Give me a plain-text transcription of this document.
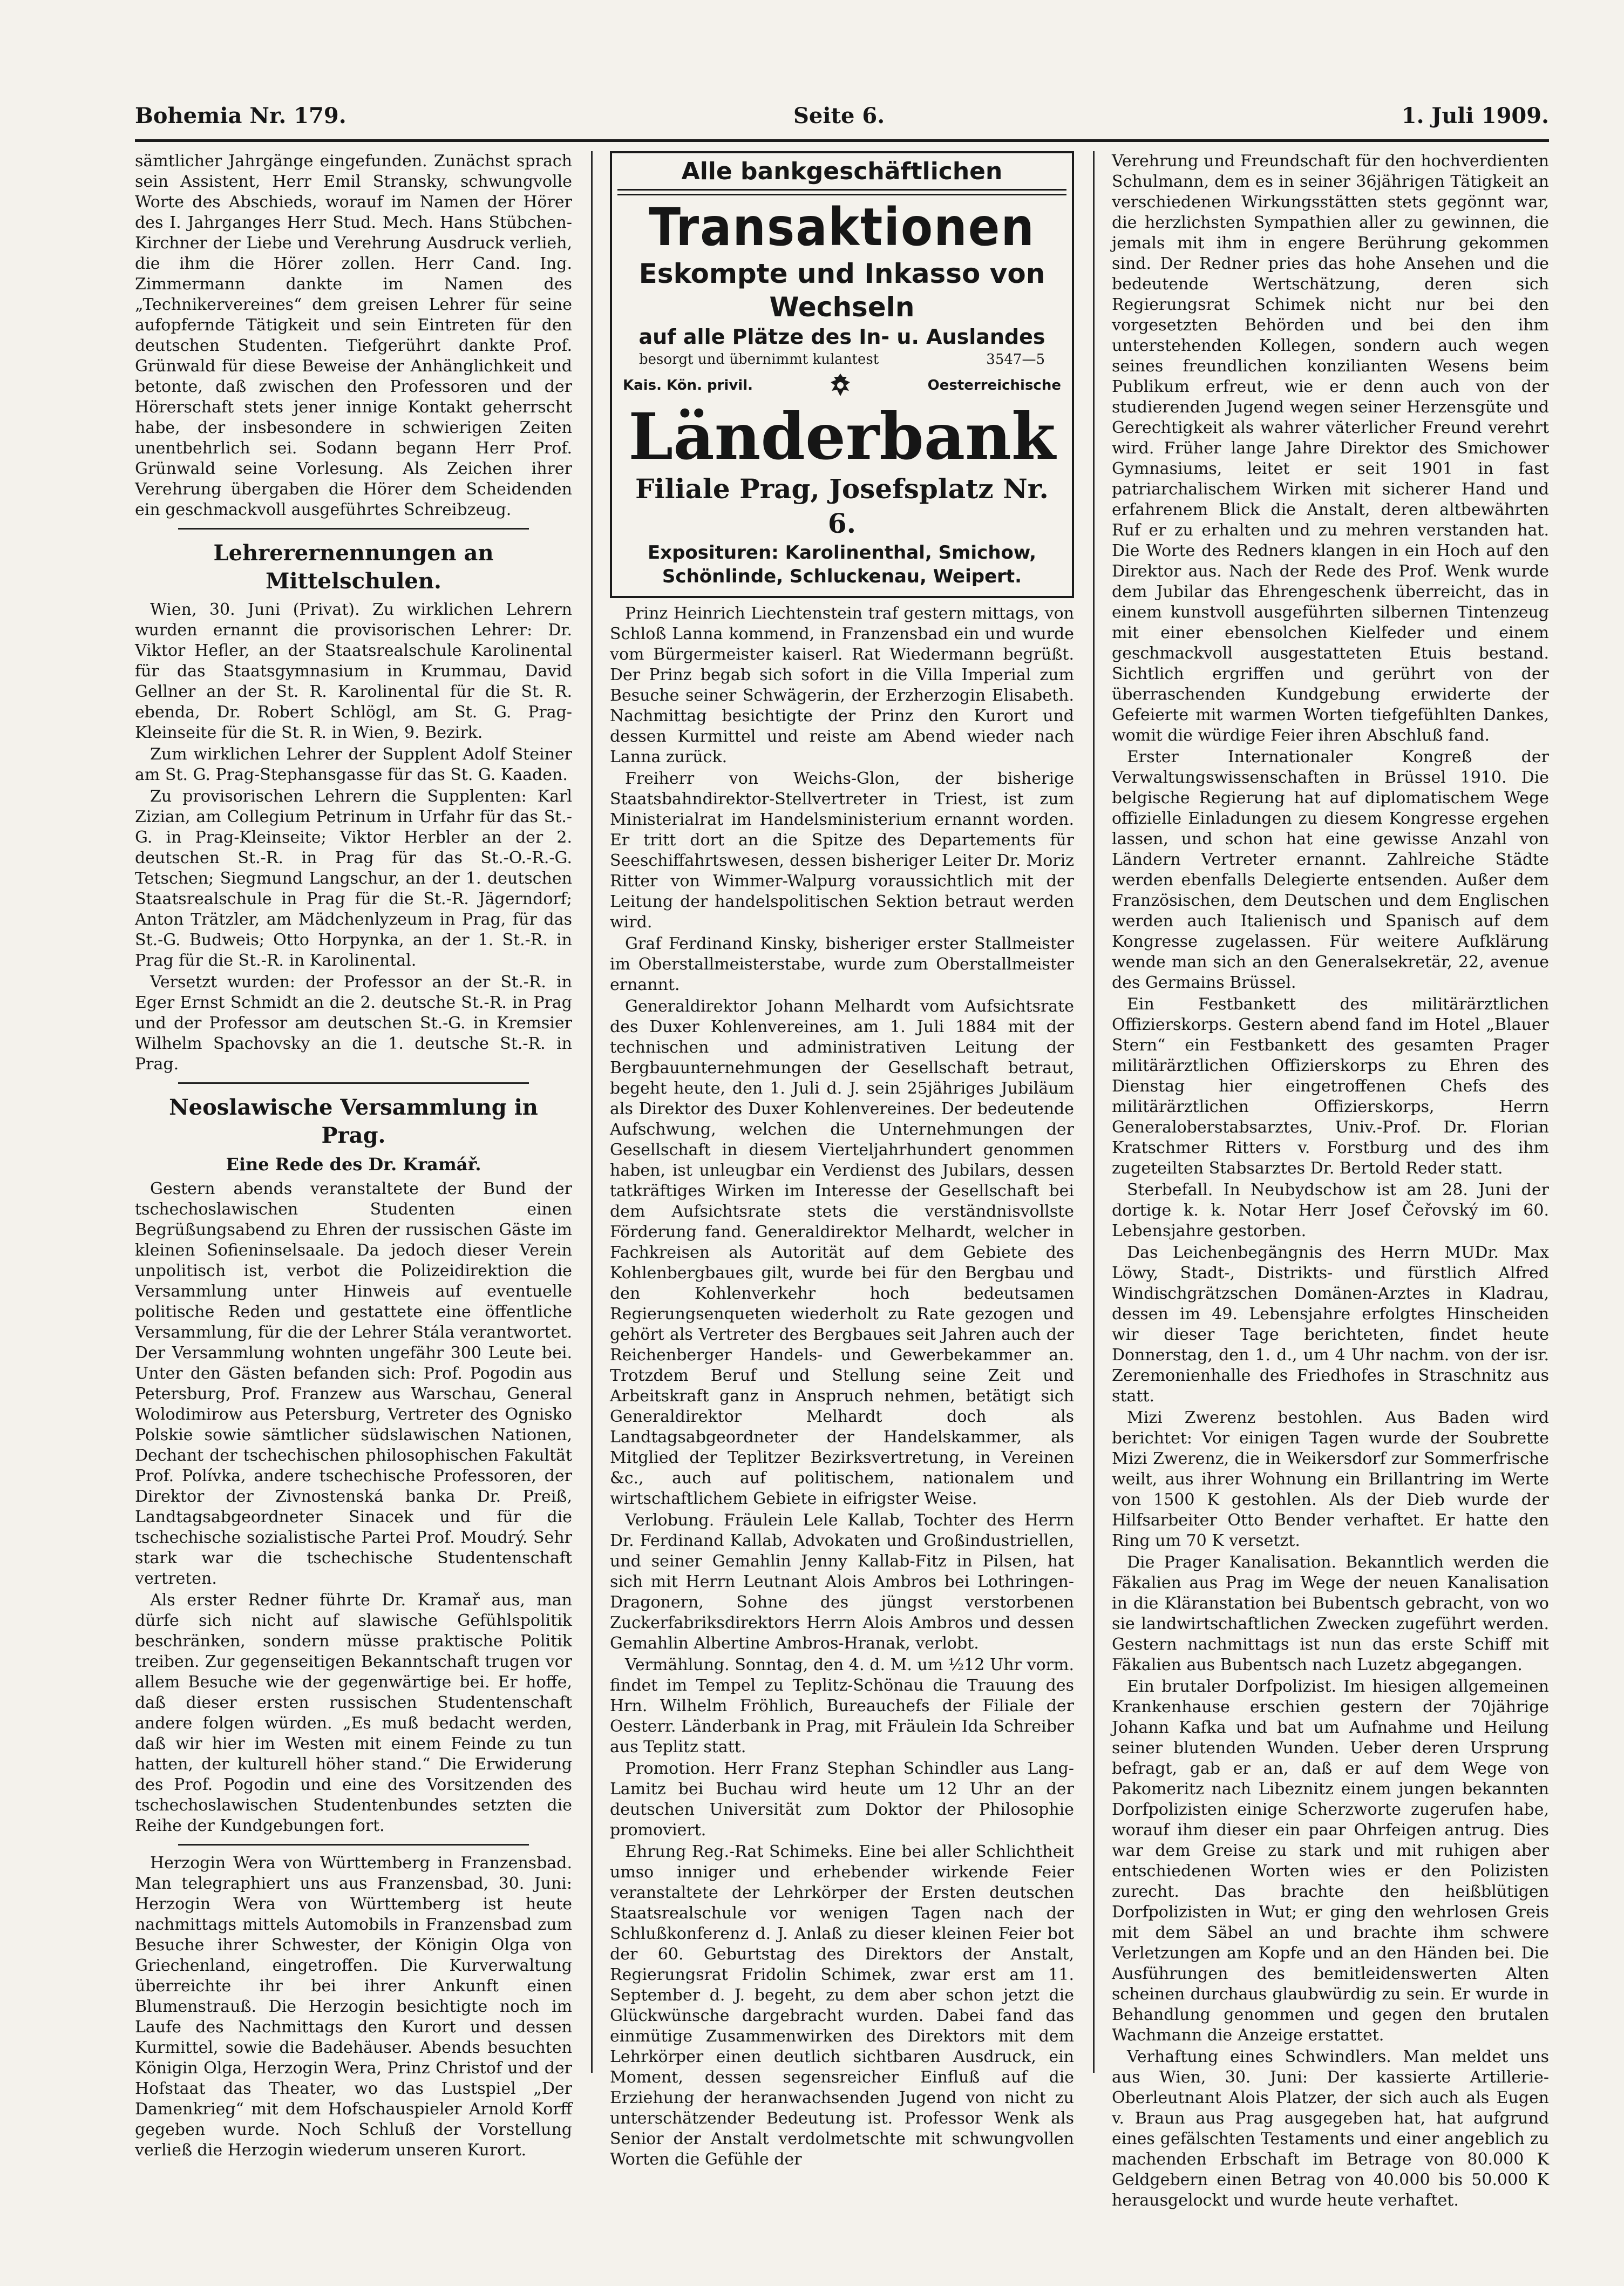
Bohemia Nr. 179.	Seite 6.	1. Juli 1909.

sämtlicher Jahrgänge eingefunden. Zunächst sprach sein Assistent, Herr Emil Stransky, schwungvolle Worte des Abschieds, worauf im Namen der Hörer des I. Jahrganges Herr Stud. Mech. Hans Stübchen-Kirchner der Liebe und Verehrung Ausdruck verlieh, die ihm die Hörer zollen. Herr Cand. Ing. Zimmermann dankte im Namen des „Technikervereines“ dem greisen Lehrer für seine aufopfernde Tätigkeit und sein Eintreten für den deutschen Studenten. Tiefgerührt dankte Prof. Grünwald für diese Beweise der Anhänglichkeit und betonte, daß zwischen den Professoren und der Hörerschaft stets jener innige Kontakt geherrscht habe, der insbesondere in schwierigen Zeiten unentbehrlich sei. Sodann begann Herr Prof. Grünwald seine Vorlesung. Als Zeichen ihrer Verehrung übergaben die Hörer dem Scheidenden ein geschmackvoll ausgeführtes Schreibzeug.

Lehrerernennungen an Mittelschulen.

Wien, 30. Juni (Privat). Zu wirklichen Lehrern wurden ernannt die provisorischen Lehrer: Dr. Viktor Hefler, an der Staatsrealschule Karolinental für das Staatsgymnasium in Krummau, David Gellner an der St. R. Karolinental für die St. R. ebenda, Dr. Robert Schlögl, am St. G. Prag-Kleinseite für die St. R. in Wien, 9. Bezirk.

Zum wirklichen Lehrer der Supplent Adolf Steiner am St. G. Prag-Stephansgasse für das St. G. Kaaden.

Zu provisorischen Lehrern die Supplenten: Karl Zizian, am Collegium Petrinum in Urfahr für das St.-G. in Prag-Kleinseite; Viktor Herbler an der 2. deutschen St.-R. in Prag für das St.-O.-R.-G. Tetschen; Siegmund Langschur, an der 1. deutschen Staatsrealschule in Prag für die St.-R. Jägerndorf; Anton Trätzler, am Mädchenlyzeum in Prag, für das St.-G. Budweis; Otto Horpynka, an der 1. St.-R. in Prag für die St.-R. in Karolinental.

Versetzt wurden: der Professor an der St.-R. in Eger Ernst Schmidt an die 2. deutsche St.-R. in Prag und der Professor am deutschen St.-G. in Kremsier Wilhelm Spachovsky an die 1. deutsche St.-R. in Prag.

Neoslawische Versammlung in Prag.
Eine Rede des Dr. Kramář.

Gestern abends veranstaltete der Bund der tschechoslawischen Studenten einen Begrüßungsabend zu Ehren der russischen Gäste im kleinen Sofieninselsaale. Da jedoch dieser Verein unpolitisch ist, verbot die Polizeidirektion die Versammlung unter Hinweis auf eventuelle politische Reden und gestattete eine öffentliche Versammlung, für die der Lehrer Stála verantwortet. Der Versammlung wohnten ungefähr 300 Leute bei. Unter den Gästen befanden sich: Prof. Pogodin aus Petersburg, Prof. Franzew aus Warschau, General Wolodimirow aus Petersburg, Vertreter des Ognisko Polskie sowie sämtlicher südslawischen Nationen, Dechant der tschechischen philosophischen Fakultät Prof. Polívka, andere tschechische Professoren, der Direktor der Zivnostenská banka Dr. Preiß, Landtagsabgeordneter Sinacek und für die tschechische sozialistische Partei Prof. Moudrý. Sehr stark war die tschechische Studentenschaft vertreten.

Als erster Redner führte Dr. Kramař aus, man dürfe sich nicht auf slawische Gefühlspolitik beschränken, sondern müsse praktische Politik treiben. Zur gegenseitigen Bekanntschaft trugen vor allem Besuche wie der gegenwärtige bei. Er hoffe, daß dieser ersten russischen Studentenschaft andere folgen würden. „Es muß bedacht werden, daß wir hier im Westen mit einem Feinde zu tun hatten, der kulturell höher stand.“ Die Erwiderung des Prof. Pogodin und eine des Vorsitzenden des tschechoslawischen Studentenbundes setzten die Reihe der Kundgebungen fort.

Herzogin Wera von Württemberg in Franzensbad. Man telegraphiert uns aus Franzensbad, 30. Juni: Herzogin Wera von Württemberg ist heute nachmittags mittels Automobils in Franzensbad zum Besuche ihrer Schwester, der Königin Olga von Griechenland, eingetroffen. Die Kurverwaltung überreichte ihr bei ihrer Ankunft einen Blumenstrauß. Die Herzogin besichtigte noch im Laufe des Nachmittags den Kurort und dessen Kurmittel, sowie die Badehäuser. Abends besuchten Königin Olga, Herzogin Wera, Prinz Christof und der Hofstaat das Theater, wo das Lustspiel „Der Damenkrieg“ mit dem Hofschauspieler Arnold Korff gegeben wurde. Noch Schluß der Vorstellung verließ die Herzogin wiederum unseren Kurort.

Alle bankgeschäftlichen
Transaktionen
Eskompte und Inkasso von Wechseln
auf alle Plätze des In- u. Auslandes
besorgt und übernimmt kulantest	3547—5
Kais. Kön. privil.	Oesterreichische
Länderbank
Filiale Prag, Josefsplatz Nr. 6.
Exposituren: Karolinenthal, Smichow, Schönlinde, Schluckenau, Weipert.

Prinz Heinrich Liechtenstein traf gestern mittags, von Schloß Lanna kommend, in Franzensbad ein und wurde vom Bürgermeister kaiserl. Rat Wiedermann begrüßt. Der Prinz begab sich sofort in die Villa Imperial zum Besuche seiner Schwägerin, der Erzherzogin Elisabeth. Nachmittag besichtigte der Prinz den Kurort und dessen Kurmittel und reiste am Abend wieder nach Lanna zurück.

Freiherr von Weichs-Glon, der bisherige Staatsbahndirektor-Stellvertreter in Triest, ist zum Ministerialrat im Handelsministerium ernannt worden. Er tritt dort an die Spitze des Departements für Seeschiffahrtswesen, dessen bisheriger Leiter Dr. Moriz Ritter von Wimmer-Walpurg voraussichtlich mit der Leitung der handelspolitischen Sektion betraut werden wird.

Graf Ferdinand Kinsky, bisheriger erster Stallmeister im Oberstallmeisterstabe, wurde zum Oberstallmeister ernannt.

Generaldirektor Johann Melhardt vom Aufsichtsrate des Duxer Kohlenvereines, am 1. Juli 1884 mit der technischen und administrativen Leitung der Bergbauunternehmungen der Gesellschaft betraut, begeht heute, den 1. Juli d. J. sein 25jähriges Jubiläum als Direktor des Duxer Kohlenvereines. Der bedeutende Aufschwung, welchen die Unternehmungen der Gesellschaft in diesem Vierteljahrhundert genommen haben, ist unleugbar ein Verdienst des Jubilars, dessen tatkräftiges Wirken im Interesse der Gesellschaft bei dem Aufsichtsrate stets die verständnisvollste Förderung fand. Generaldirektor Melhardt, welcher in Fachkreisen als Autorität auf dem Gebiete des Kohlenbergbaues gilt, wurde bei für den Bergbau und den Kohlenverkehr hoch bedeutsamen Regierungsenqueten wiederholt zu Rate gezogen und gehört als Vertreter des Bergbaues seit Jahren auch der Reichenberger Handels- und Gewerbekammer an. Trotzdem Beruf und Stellung seine Zeit und Arbeitskraft ganz in Anspruch nehmen, betätigt sich Generaldirektor Melhardt doch als Landtagsabgeordneter der Handelskammer, als Mitglied der Teplitzer Bezirksvertretung, in Vereinen &c., auch auf politischem, nationalem und wirtschaftlichem Gebiete in eifrigster Weise.

Verlobung. Fräulein Lele Kallab, Tochter des Herrn Dr. Ferdinand Kallab, Advokaten und Großindustriellen, und seiner Gemahlin Jenny Kallab-Fitz in Pilsen, hat sich mit Herrn Leutnant Alois Ambros bei Lothringen-Dragonern, Sohne des jüngst verstorbenen Zuckerfabriksdirektors Herrn Alois Ambros und dessen Gemahlin Albertine Ambros-Hranak, verlobt.

Vermählung. Sonntag, den 4. d. M. um ½12 Uhr vorm. findet im Tempel zu Teplitz-Schönau die Trauung des Hrn. Wilhelm Fröhlich, Bureauchefs der Filiale der Oesterr. Länderbank in Prag, mit Fräulein Ida Schreiber aus Teplitz statt.

Promotion. Herr Franz Stephan Schindler aus Lang-Lamitz bei Buchau wird heute um 12 Uhr an der deutschen Universität zum Doktor der Philosophie promoviert.

Ehrung Reg.-Rat Schimeks. Eine bei aller Schlichtheit umso inniger und erhebender wirkende Feier veranstaltete der Lehrkörper der Ersten deutschen Staatsrealschule vor wenigen Tagen nach der Schlußkonferenz d. J. Anlaß zu dieser kleinen Feier bot der 60. Geburtstag des Direktors der Anstalt, Regierungsrat Fridolin Schimek, zwar erst am 11. September d. J. begeht, zu dem aber schon jetzt die Glückwünsche dargebracht wurden. Dabei fand das einmütige Zusammenwirken des Direktors mit dem Lehrkörper einen deutlich sichtbaren Ausdruck, ein Moment, dessen segensreicher Einfluß auf die Erziehung der heranwachsenden Jugend von nicht zu unterschätzender Bedeutung ist. Professor Wenk als Senior der Anstalt verdolmetschte mit schwungvollen Worten die Gefühle der

Verehrung und Freundschaft für den hochverdienten Schulmann, dem es in seiner 36jährigen Tätigkeit an verschiedenen Wirkungsstätten stets gegönnt war, die herzlichsten Sympathien aller zu gewinnen, die jemals mit ihm in engere Berührung gekommen sind. Der Redner pries das hohe Ansehen und die bedeutende Wertschätzung, deren sich Regierungsrat Schimek nicht nur bei den vorgesetzten Behörden und bei den ihm unterstehenden Kollegen, sondern auch wegen seines freundlichen konzilianten Wesens beim Publikum erfreut, wie er denn auch von der studierenden Jugend wegen seiner Herzensgüte und Gerechtigkeit als wahrer väterlicher Freund verehrt wird. Früher lange Jahre Direktor des Smichower Gymnasiums, leitet er seit 1901 in fast patriarchalischem Wirken mit sicherer Hand und erfahrenem Blick die Anstalt, deren altbewährten Ruf er zu erhalten und zu mehren verstanden hat. Die Worte des Redners klangen in ein Hoch auf den Direktor aus. Nach der Rede des Prof. Wenk wurde dem Jubilar das Ehrengeschenk überreicht, das in einem kunstvoll ausgeführten silbernen Tintenzeug mit einer ebensolchen Kielfeder und einem geschmackvoll ausgestatteten Etuis bestand. Sichtlich ergriffen und gerührt von der überraschenden Kundgebung erwiderte der Gefeierte mit warmen Worten tiefgefühlten Dankes, womit die würdige Feier ihren Abschluß fand.

Erster Internationaler Kongreß der Verwaltungswissenschaften in Brüssel 1910. Die belgische Regierung hat auf diplomatischem Wege offizielle Einladungen zu diesem Kongresse ergehen lassen, und schon hat eine gewisse Anzahl von Ländern Vertreter ernannt. Zahlreiche Städte werden ebenfalls Delegierte entsenden. Außer dem Französischen, dem Deutschen und dem Englischen werden auch Italienisch und Spanisch auf dem Kongresse zugelassen. Für weitere Aufklärung wende man sich an den Generalsekretär, 22, avenue des Germains Brüssel.

Ein Festbankett des militärärztlichen Offizierskorps. Gestern abend fand im Hotel „Blauer Stern“ ein Festbankett des gesamten Prager militärärztlichen Offizierskorps zu Ehren des Dienstag hier eingetroffenen Chefs des militärärztlichen Offizierskorps, Herrn Generaloberstabsarztes, Univ.-Prof. Dr. Florian Kratschmer Ritters v. Forstburg und des ihm zugeteilten Stabsarztes Dr. Bertold Reder statt.

Sterbefall. In Neubydschow ist am 28. Juni der dortige k. k. Notar Herr Josef Čeřovský im 60. Lebensjahre gestorben.

Das Leichenbegängnis des Herrn MUDr. Max Löwy, Stadt-, Distrikts- und fürstlich Alfred Windischgrätzschen Domänen-Arztes in Kladrau, dessen im 49. Lebensjahre erfolgtes Hinscheiden wir dieser Tage berichteten, findet heute Donnerstag, den 1. d., um 4 Uhr nachm. von der isr. Zeremonienhalle des Friedhofes in Straschnitz aus statt.

Mizi Zwerenz bestohlen. Aus Baden wird berichtet: Vor einigen Tagen wurde der Soubrette Mizi Zwerenz, die in Weikersdorf zur Sommerfrische weilt, aus ihrer Wohnung ein Brillantring im Werte von 1500 K gestohlen. Als der Dieb wurde der Hilfsarbeiter Otto Bender verhaftet. Er hatte den Ring um 70 K versetzt.

Die Prager Kanalisation. Bekanntlich werden die Fäkalien aus Prag im Wege der neuen Kanalisation in die Kläranstation bei Bubentsch gebracht, von wo sie landwirtschaftlichen Zwecken zugeführt werden. Gestern nachmittags ist nun das erste Schiff mit Fäkalien aus Bubentsch nach Luzetz abgegangen.

Ein brutaler Dorfpolizist. Im hiesigen allgemeinen Krankenhause erschien gestern der 70jährige Johann Kafka und bat um Aufnahme und Heilung seiner blutenden Wunden. Ueber deren Ursprung befragt, gab er an, daß er auf dem Wege von Pakomeritz nach Libeznitz einem jungen bekannten Dorfpolizisten einige Scherzworte zugerufen habe, worauf ihm dieser ein paar Ohrfeigen antrug. Dies war dem Greise zu stark und mit ruhigen aber entschiedenen Worten wies er den Polizisten zurecht. Das brachte den heißblütigen Dorfpolizisten in Wut; er ging den wehrlosen Greis mit dem Säbel an und brachte ihm schwere Verletzungen am Kopfe und an den Händen bei. Die Ausführungen des bemitleidenswerten Alten scheinen durchaus glaubwürdig zu sein. Er wurde in Behandlung genommen und gegen den brutalen Wachmann die Anzeige erstattet.

Verhaftung eines Schwindlers. Man meldet uns aus Wien, 30. Juni: Der kassierte Artillerie-Oberleutnant Alois Platzer, der sich auch als Eugen v. Braun aus Prag ausgegeben hat, hat aufgrund eines gefälschten Testaments und einer angeblich zu machenden Erbschaft im Betrage von 80.000 K Geldgebern einen Betrag von 40.000 bis 50.000 K herausgelockt und wurde heute verhaftet.
